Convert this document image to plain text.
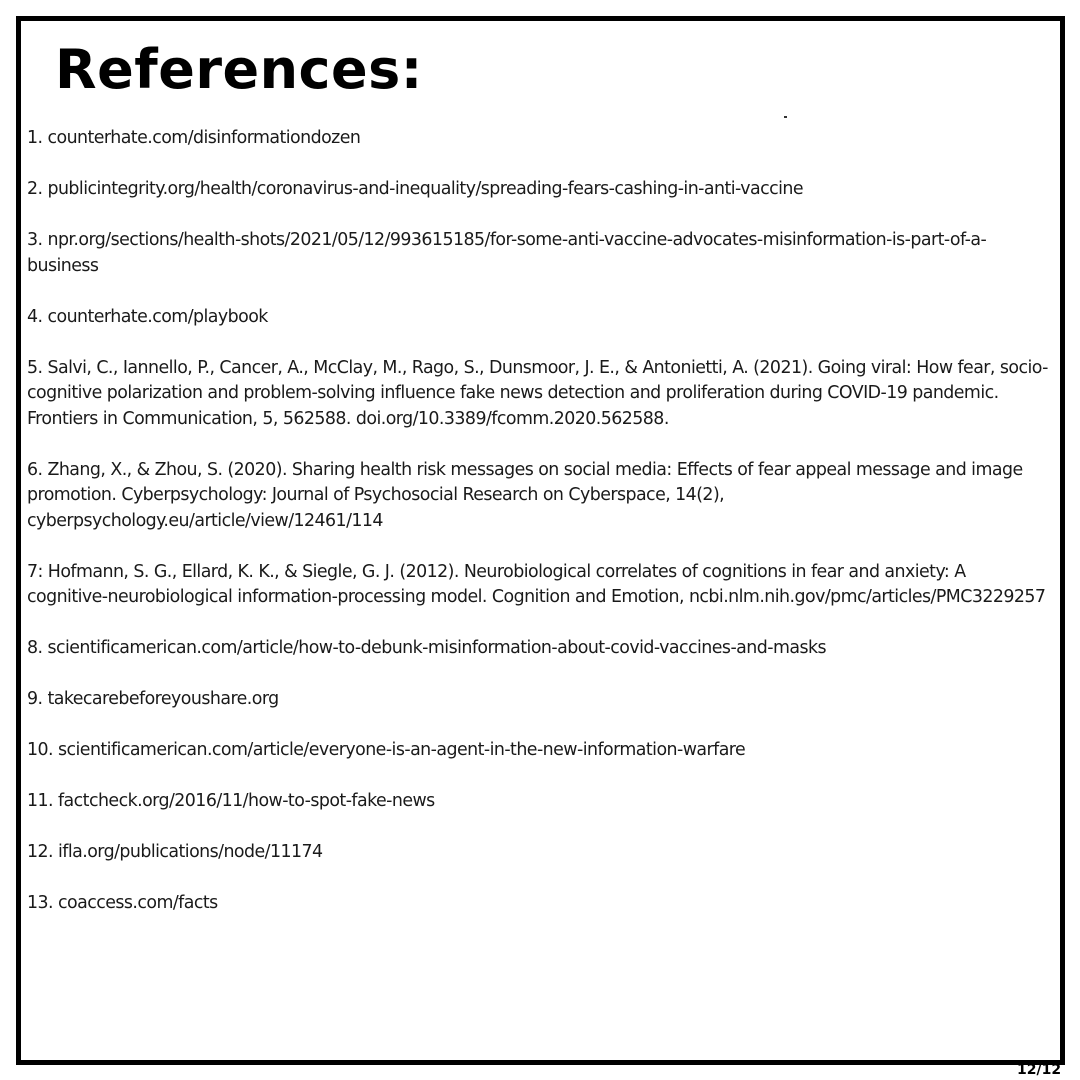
References:
1. counterhate.com/disinformationdozen
2. publicintegrity.org/health/coronavirus-and-inequality/spreading-fears-cashing-in-anti-vaccine
3. npr.org/sections/health-shots/2021/05/12/993615185/for-some-anti-vaccine-advocates-misinformation-is-part-of-a-business
4. counterhate.com/playbook
5. Salvi, C., Iannello, P., Cancer, A., McClay, M., Rago, S., Dunsmoor, J. E., & Antonietti, A. (2021). Going viral: How fear, socio-cognitive polarization and problem-solving influence fake news detection and proliferation during COVID-19 pandemic. Frontiers in Communication, 5, 562588. doi.org/10.3389/fcomm.2020.562588.
6. Zhang, X., & Zhou, S. (2020). Sharing health risk messages on social media: Effects of fear appeal message and image promotion. Cyberpsychology: Journal of Psychosocial Research on Cyberspace, 14(2), cyberpsychology.eu/article/view/12461/114
7: Hofmann, S. G., Ellard, K. K., & Siegle, G. J. (2012). Neurobiological correlates of cognitions in fear and anxiety: A cognitive-neurobiological information-processing model. Cognition and Emotion, ncbi.nlm.nih.gov/pmc/articles/PMC3229257
8. scientificamerican.com/article/how-to-debunk-misinformation-about-covid-vaccines-and-masks
9. takecarebeforeyoushare.org
10. scientificamerican.com/article/everyone-is-an-agent-in-the-new-information-warfare
11. factcheck.org/2016/11/how-to-spot-fake-news
12. ifla.org/publications/node/11174
13. coaccess.com/facts
12/12
